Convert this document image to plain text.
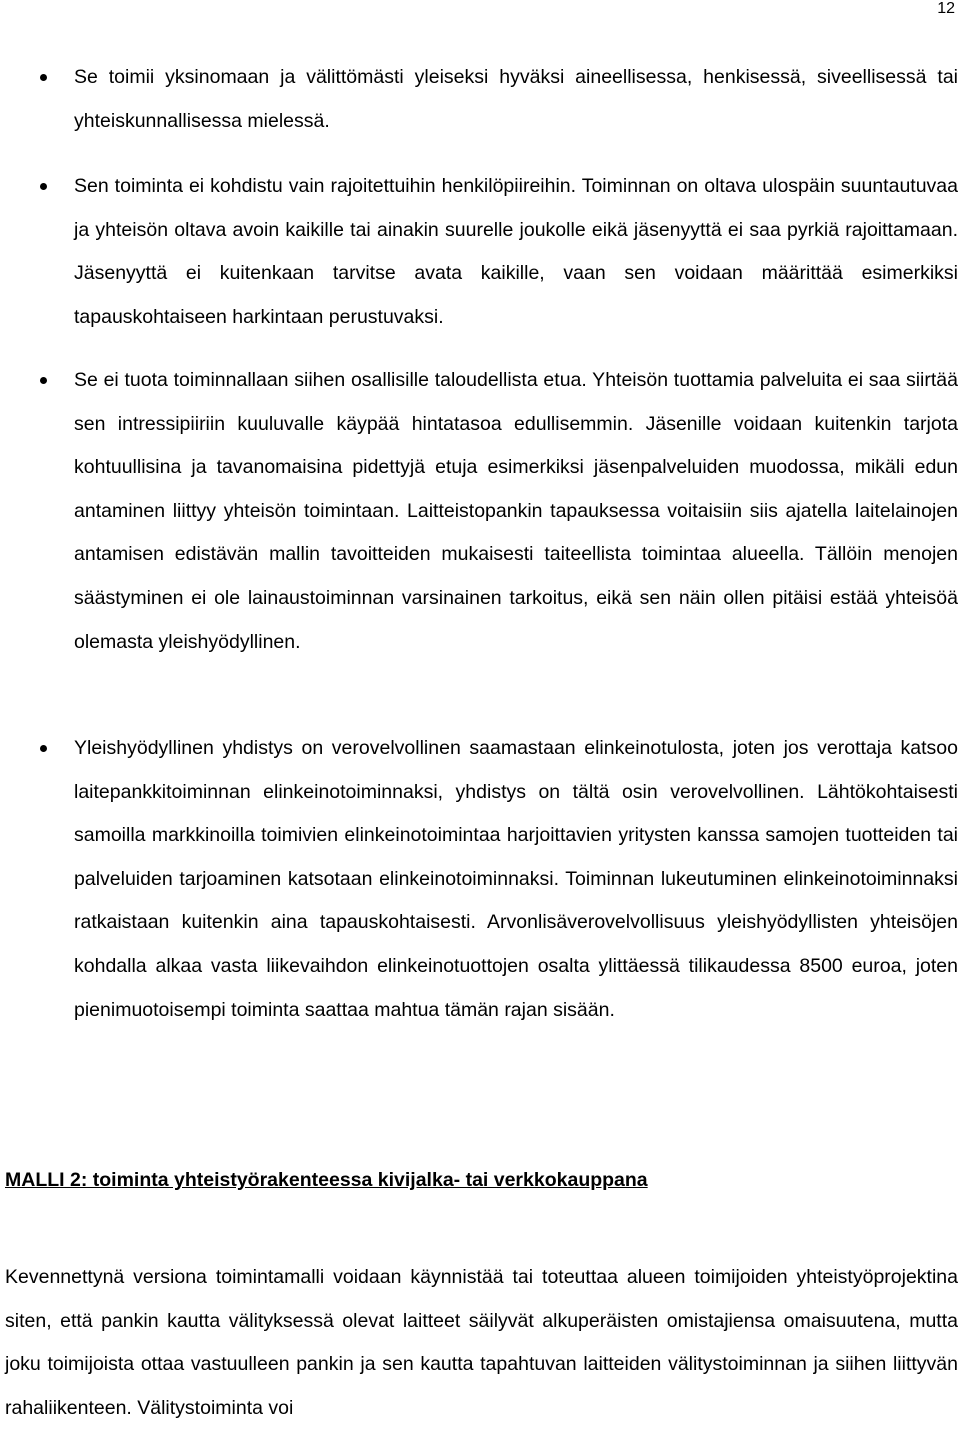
12
Se toimii yksinomaan ja välittömästi yleiseksi hyväksi aineellisessa, henkisessä, siveellisessä tai yhteiskunnallisessa mielessä.
Sen toiminta ei kohdistu vain rajoitettuihin henkilöpiireihin. Toiminnan on oltava ulospäin suuntautuvaa ja yhteisön oltava avoin kaikille tai ainakin suurelle joukolle eikä jäsenyyttä ei saa pyrkiä rajoittamaan. Jäsenyyttä ei kuitenkaan tarvitse avata kaikille, vaan sen voidaan määrittää esimerkiksi tapauskohtaiseen harkintaan perustuvaksi.
Se ei tuota toiminnallaan siihen osallisille taloudellista etua. Yhteisön tuottamia palveluita ei saa siirtää sen intressipiiriin kuuluvalle käypää hintatasoa edullisemmin. Jäsenille voidaan kuitenkin tarjota kohtuullisina ja tavanomaisina pidettyjä etuja esimerkiksi jäsenpalveluiden muodossa, mikäli edun antaminen liittyy yhteisön toimintaan. Laitteistopankin tapauksessa voitaisiin siis ajatella laitelainojen antamisen edistävän mallin tavoitteiden mukaisesti taiteellista toimintaa alueella. Tällöin menojen säästyminen ei ole lainaustoiminnan varsinainen tarkoitus, eikä sen näin ollen pitäisi estää yhteisöä olemasta yleishyödyllinen.
Yleishyödyllinen yhdistys on verovelvollinen saamastaan elinkeinotulosta, joten jos verottaja katsoo laitepankkitoiminnan elinkeinotoiminnaksi, yhdistys on tältä osin verovelvollinen. Lähtökohtaisesti samoilla markkinoilla toimivien elinkeinotoimintaa harjoittavien yritysten kanssa samojen tuotteiden tai palveluiden tarjoaminen katsotaan elinkeinotoiminnaksi. Toiminnan lukeutuminen elinkeinotoiminnaksi ratkaistaan kuitenkin aina tapauskohtaisesti. Arvonlisäverovelvollisuus yleishyödyllisten yhteisöjen kohdalla alkaa vasta liikevaihdon elinkeinotuottojen osalta ylittäessä tilikaudessa 8500 euroa, joten pienimuotoisempi toiminta saattaa mahtua tämän rajan sisään.
MALLI 2: toiminta yhteistyörakenteessa kivijalka- tai verkkokauppana
Kevennettynä versiona toimintamalli voidaan käynnistää tai toteuttaa alueen toimijoiden yhteistyöprojektina siten, että pankin kautta välityksessä olevat laitteet säilyvät alkuperäisten omistajiensa omaisuutena, mutta joku toimijoista ottaa vastuulleen pankin ja sen kautta tapahtuvan laitteiden välitystoiminnan ja siihen liittyvän rahaliikenteen. Välitystoiminta voi
